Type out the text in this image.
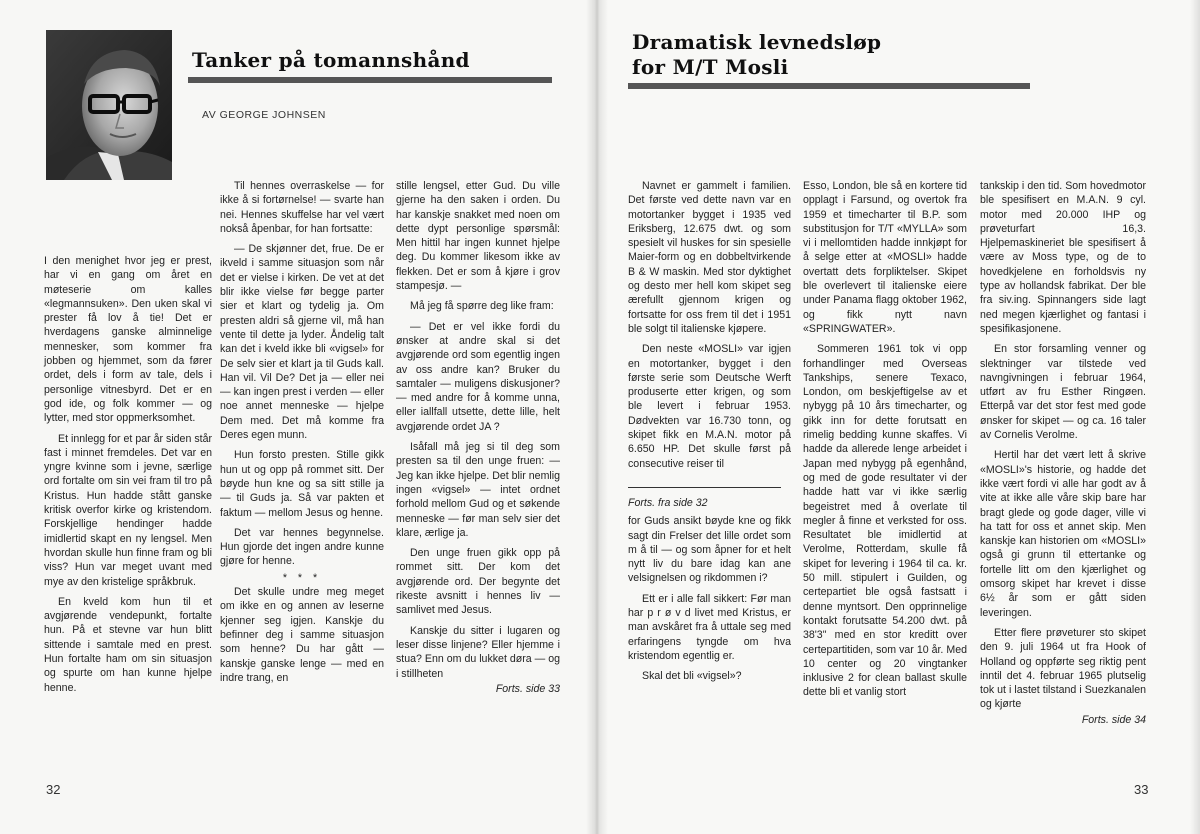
Tanker på tomannshånd
AV GEORGE JOHNSEN

I den menighet hvor jeg er prest, har vi en gang om året en møteserie om kalles «legmannsuken». Den uken skal vi prester få lov å tie! Det er hverdagens ganske alminnelige mennesker, som kommer fra jobben og hjemmet, som da fører ordet, dels i form av tale, dels i personlige vitnesbyrd. Det er en god ide, og folk kommer — og lytter, med stor oppmerksomhet.

Et innlegg for et par år siden står fast i minnet fremdeles. Det var en yngre kvinne som i jevne, særlige ord fortalte om sin vei fram til tro på Kristus. Hun hadde stått ganske kritisk overfor kirke og kristendom. Forskjellige hendinger hadde imidlertid skapt en ny lengsel. Men hvordan skulle hun finne fram og bli viss? Hun var meget uvant med mye av den kristelige språkbruk.

En kveld kom hun til et avgjørende vendepunkt, fortalte hun. På et stevne var hun blitt sittende i samtale med en prest. Hun fortalte ham om sin situasjon og spurte om han kunne hjelpe henne.

Til hennes overraskelse — for ikke å si fortørnelse! — svarte han nei. Hennes skuffelse har vel vært nokså åpenbar, for han fortsatte:

— De skjønner det, frue. De er ikveld i samme situasjon som når det er vielse i kirken. De vet at det blir ikke vielse før begge parter sier et klart og tydelig ja. Om presten aldri så gjerne vil, må han vente til dette ja lyder. Åndelig talt kan det i kveld ikke bli «vigsel» for De selv sier et klart ja til Guds kall. Han vil. Vil De? Det ja — eller nei — kan ingen prest i verden — eller noe annet menneske — hjelpe Dem med. Det må komme fra Deres egen munn.

Hun forsto presten. Stille gikk hun ut og opp på rommet sitt. Der bøyde hun kne og sa sitt stille ja — til Guds ja. Så var pakten et faktum — mellom Jesus og henne.

Det var hennes begynnelse. Hun gjorde det ingen andre kunne gjøre for henne.

* * *

Det skulle undre meg meget om ikke en og annen av leserne kjenner seg igjen. Kanskje du befinner deg i samme situasjon som henne? Du har gått — kanskje ganske lenge — med en indre trang, en

stille lengsel, etter Gud. Du ville gjerne ha den saken i orden. Du har kanskje snakket med noen om dette dypt personlige spørsmål: Men hittil har ingen kunnet hjelpe deg. Du kommer likesom ikke av flekken. Det er som å kjøre i grov stampesjø. —

Må jeg få spørre deg like fram:

— Det er vel ikke fordi du ønsker at andre skal si det avgjørende ord som egentlig ingen av oss andre kan? Bruker du samtaler — muligens diskusjoner? — med andre for å komme unna, eller iallfall utsette, dette lille, helt avgjørende ordet JA ?

Isåfall må jeg si til deg som presten sa til den unge fruen: — Jeg kan ikke hjelpe. Det blir nemlig ingen «vigsel» — intet ordnet forhold mellom Gud og et søkende menneske — før man selv sier det klare, ærlige ja.

Den unge fruen gikk opp på rommet sitt. Der kom det avgjørende ord. Der begynte det rikeste avsnitt i hennes liv — samlivet med Jesus.

Kanskje du sitter i lugaren og leser disse linjene? Eller hjemme i stua? Enn om du lukket døra — og i stillheten

Forts. side 33
32
Dramatisk levnedsløp
for M/T Mosli

Navnet er gammelt i familien. Det første ved dette navn var en motortanker bygget i 1935 ved Eriksberg, 12.675 dwt. og som spesielt vil huskes for sin spesielle Maier-form og en dobbeltvirkende B & W maskin. Med stor dyktighet og desto mer hell kom skipet seg ærefullt gjennom krigen og fortsatte for oss frem til det i 1951 ble solgt til italienske kjøpere.

Den neste «MOSLI» var igjen en motortanker, bygget i den første serie som Deutsche Werft produserte etter krigen, og som ble levert i februar 1953. Dødvekten var 16.730 tonn, og skipet fikk en M.A.N. motor på 6.650 HP. Det skulle først på consecutive reiser til

Forts. fra side 32

for Guds ansikt bøyde kne og fikk sagt din Frelser det lille ordet som m å til — og som åpner for et helt nytt liv du bare idag kan ane velsignelsen og rikdommen i?

Ett er i alle fall sikkert: Før man har p r ø v d livet med Kristus, er man avskåret fra å uttale seg med erfaringens tyngde om hva kristendom egentlig er.

Skal det bli «vigsel»?

Esso, London, ble så en kortere tid opplagt i Farsund, og overtok fra 1959 et timecharter til B.P. som substitusjon for T/T «MYLLA» som vi i mellomtiden hadde innkjøpt for å selge etter at «MOSLI» hadde overtatt dets forpliktelser. Skipet ble overlevert til italienske eiere under Panama flagg oktober 1962, og fikk nytt navn «SPRINGWATER».

Sommeren 1961 tok vi opp forhandlinger med Overseas Tankships, senere Texaco, London, om beskjeftigelse av et nybygg på 10 års timecharter, og gikk inn for dette forutsatt en rimelig bedding kunne skaffes. Vi hadde da allerede lenge arbeidet i Japan med nybygg på egenhånd, og med de gode resultater vi der hadde hatt var vi ikke særlig begeistret med å overlate til megler å finne et verksted for oss. Resultatet ble imidlertid at Verolme, Rotterdam, skulle få skipet for levering i 1964 til ca. kr. 50 mill. stipulert i Guilden, og certepartiet ble også fastsatt i denne myntsort. Den opprinnelige kontakt forutsatte 54.200 dwt. på 38'3" med en stor kreditt over certepartitiden, som var 10 år. Med 10 center og 20 vingtanker inklusive 2 for clean ballast skulle dette bli et vanlig stort

tankskip i den tid. Som hovedmotor ble spesifisert en M.A.N. 9 cyl. motor med 20.000 IHP og prøveturfart 16,3. Hjelpemaskineriet ble spesifisert å være av Moss type, og de to hovedkjelene en forholdsvis ny type av hollandsk fabrikat. Der ble fra siv.ing. Spinnangers side lagt ned megen kjærlighet og fantasi i spesifikasjonene.

En stor forsamling venner og slektninger var tilstede ved navngivningen i februar 1964, utført av fru Esther Ringøen. Etterpå var det stor fest med gode ønsker for skipet — og ca. 16 taler av Cornelis Verolme.

Hertil har det vært lett å skrive «MOSLI»'s historie, og hadde det ikke vært fordi vi alle har godt av å vite at ikke alle våre skip bare har bragt glede og gode dager, ville vi ha tatt for oss et annet skip. Men kanskje kan historien om «MOSLI» også gi grunn til ettertanke og fortelle litt om den kjærlighet og omsorg skipet har krevet i disse 6½ år som er gått siden leveringen.

Etter flere prøveturer sto skipet den 9. juli 1964 ut fra Hook of Holland og oppførte seg riktig pent inntil det 4. februar 1965 plutselig tok ut i lastet tilstand i Suezkanalen og kjørte

Forts. side 34
33
